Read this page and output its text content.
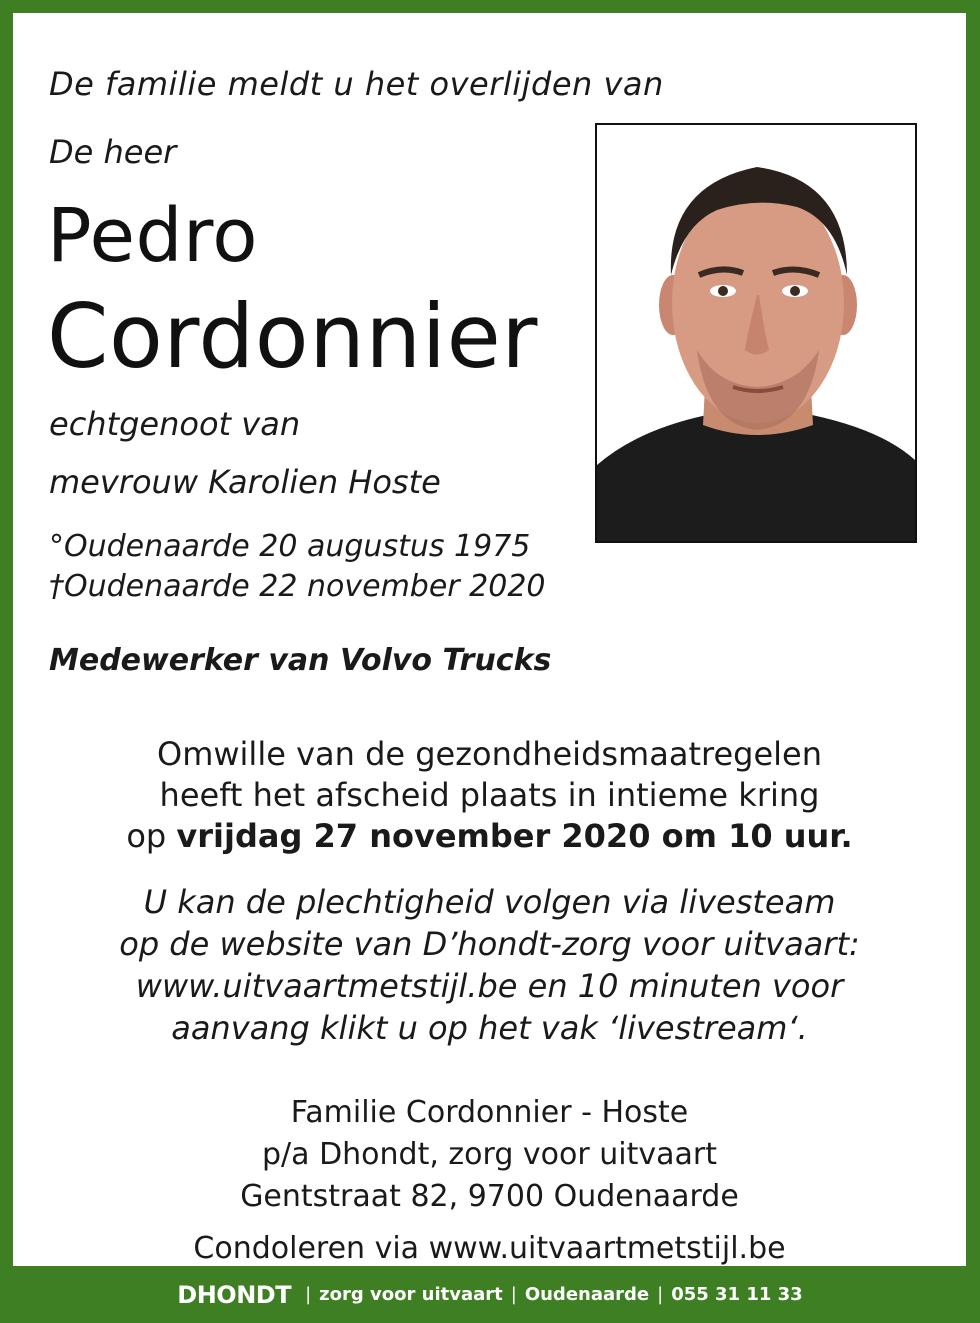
De familie meldt u het overlijden van
De heer
Pedro
Cordonnier
echtgenoot van
mevrouw Karolien Hoste
°Oudenaarde 20 augustus 1975
†Oudenaarde 22 november 2020
Medewerker van Volvo Trucks
Omwille van de gezondheidsmaatregelen
heeft het afscheid plaats in intieme kring
op vrijdag 27 november 2020 om 10 uur.
U kan de plechtigheid volgen via livesteam
op de website van D’hondt-zorg voor uitvaart:
www.uitvaartmetstijl.be en 10 minuten voor
aanvang klikt u op het vak ‘livestream‘.
Familie Cordonnier - Hoste
p/a Dhondt, zorg voor uitvaart
Gentstraat 82, 9700 Oudenaarde
Condoleren via www.uitvaartmetstijl.be
DHONDT | zorg voor uitvaart | Oudenaarde | 055 31 11 33
